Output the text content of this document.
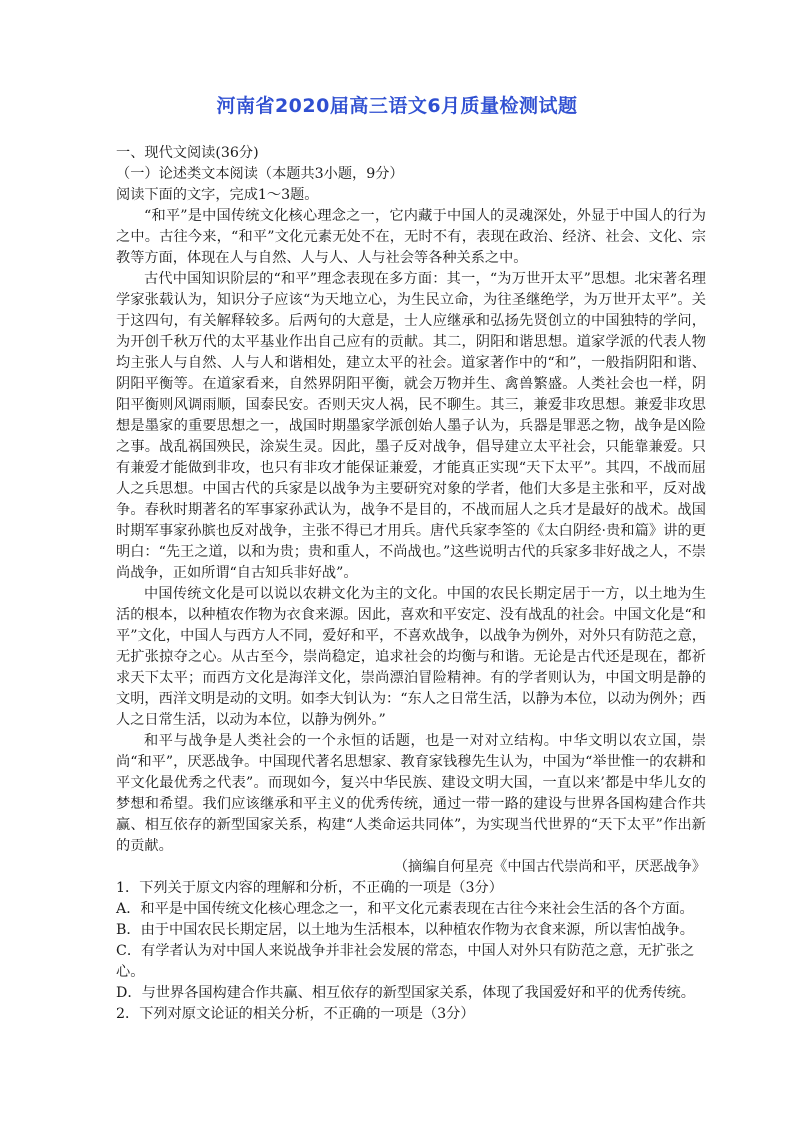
河南省2020届高三语文6月质量检测试题

一、现代文阅读(36分)

（一）论述类文本阅读（本题共3小题，9分）

阅读下面的文字，完成1～3题。

“和平”是中国传统文化核心理念之一，它内藏于中国人的灵魂深处，外显于中国人的行为之中。古往今来，“和平”文化元素无处不在，无时不有，表现在政治、经济、社会、文化、宗教等方面，体现在人与自然、人与人、人与社会等各种关系之中。

古代中国知识阶层的“和平”理念表现在多方面：其一，“为万世开太平”思想。北宋著名理学家张载认为，知识分子应该“为天地立心，为生民立命，为往圣继绝学，为万世开太平”。关于这四句，有关解释较多。后两句的大意是，士人应继承和弘扬先贤创立的中国独特的学问，为开创千秋万代的太平基业作出自己应有的贡献。其二，阴阳和谐思想。道家学派的代表人物均主张人与自然、人与人和谐相处，建立太平的社会。道家著作中的“和”，一般指阴阳和谐、阴阳平衡等。在道家看来，自然界阴阳平衡，就会万物并生、禽兽繁盛。人类社会也一样，阴阳平衡则风调雨顺，国泰民安。否则天灾人祸，民不聊生。其三，兼爱非攻思想。兼爱非攻思想是墨家的重要思想之一，战国时期墨家学派创始人墨子认为，兵器是罪恶之物，战争是凶险之事。战乱祸国殃民，涂炭生灵。因此，墨子反对战争，倡导建立太平社会，只能靠兼爱。只有兼爱才能做到非攻，也只有非攻才能保证兼爱，才能真正实现“天下太平”。其四，不战而屈人之兵思想。中国古代的兵家是以战争为主要研究对象的学者，他们大多是主张和平，反对战争。春秋时期著名的军事家孙武认为，战争不是目的，不战而屈人之兵才是最好的战术。战国时期军事家孙膑也反对战争，主张不得已才用兵。唐代兵家李筌的《太白阴经·贵和篇》讲的更明白：“先王之道，以和为贵；贵和重人，不尚战也。”这些说明古代的兵家多非好战之人，不崇尚战争，正如所谓“自古知兵非好战”。

中国传统文化是可以说以农耕文化为主的文化。中国的农民长期定居于一方，以土地为生活的根本，以种植农作物为衣食来源。因此，喜欢和平安定、没有战乱的社会。中国文化是“和平”文化，中国人与西方人不同，爱好和平，不喜欢战争，以战争为例外，对外只有防范之意，无扩张掠夺之心。从古至今，崇尚稳定，追求社会的均衡与和谐。无论是古代还是现在，都祈求天下太平；而西方文化是海洋文化，崇尚漂泊冒险精神。有的学者则认为，中国文明是静的文明，西洋文明是动的文明。如李大钊认为：“东人之日常生活，以静为本位，以动为例外；西人之日常生活，以动为本位，以静为例外。”

和平与战争是人类社会的一个永恒的话题，也是一对对立结构。中华文明以农立国，崇尚“和平”，厌恶战争。中国现代著名思想家、教育家钱穆先生认为，中国为“举世惟一的农耕和平文化最优秀之代表”。而现如今，复兴中华民族、建设文明大国，一直以来’都是中华儿女的梦想和希望。我们应该继承和平主义的优秀传统，通过一带一路的建设与世界各国构建合作共赢、相互依存的新型国家关系，构建“人类命运共同体”，为实现当代世界的“天下太平”作出新的贡献。

（摘编自何星亮《中国古代崇尚和平，厌恶战争》

1．下列关于原文内容的理解和分析，不正确的一项是（3分）

A．和平是中国传统文化核心理念之一，和平文化元素表现在古往今来社会生活的各个方面。

B．由于中国农民长期定居，以土地为生活根本，以种植农作物为衣食来源，所以害怕战争。

C．有学者认为对中国人来说战争并非社会发展的常态，中国人对外只有防范之意，无扩张之心。

D．与世界各国构建合作共赢、相互依存的新型国家关系，体现了我国爱好和平的优秀传统。

2．下列对原文论证的相关分析，不正确的一项是（3分）
